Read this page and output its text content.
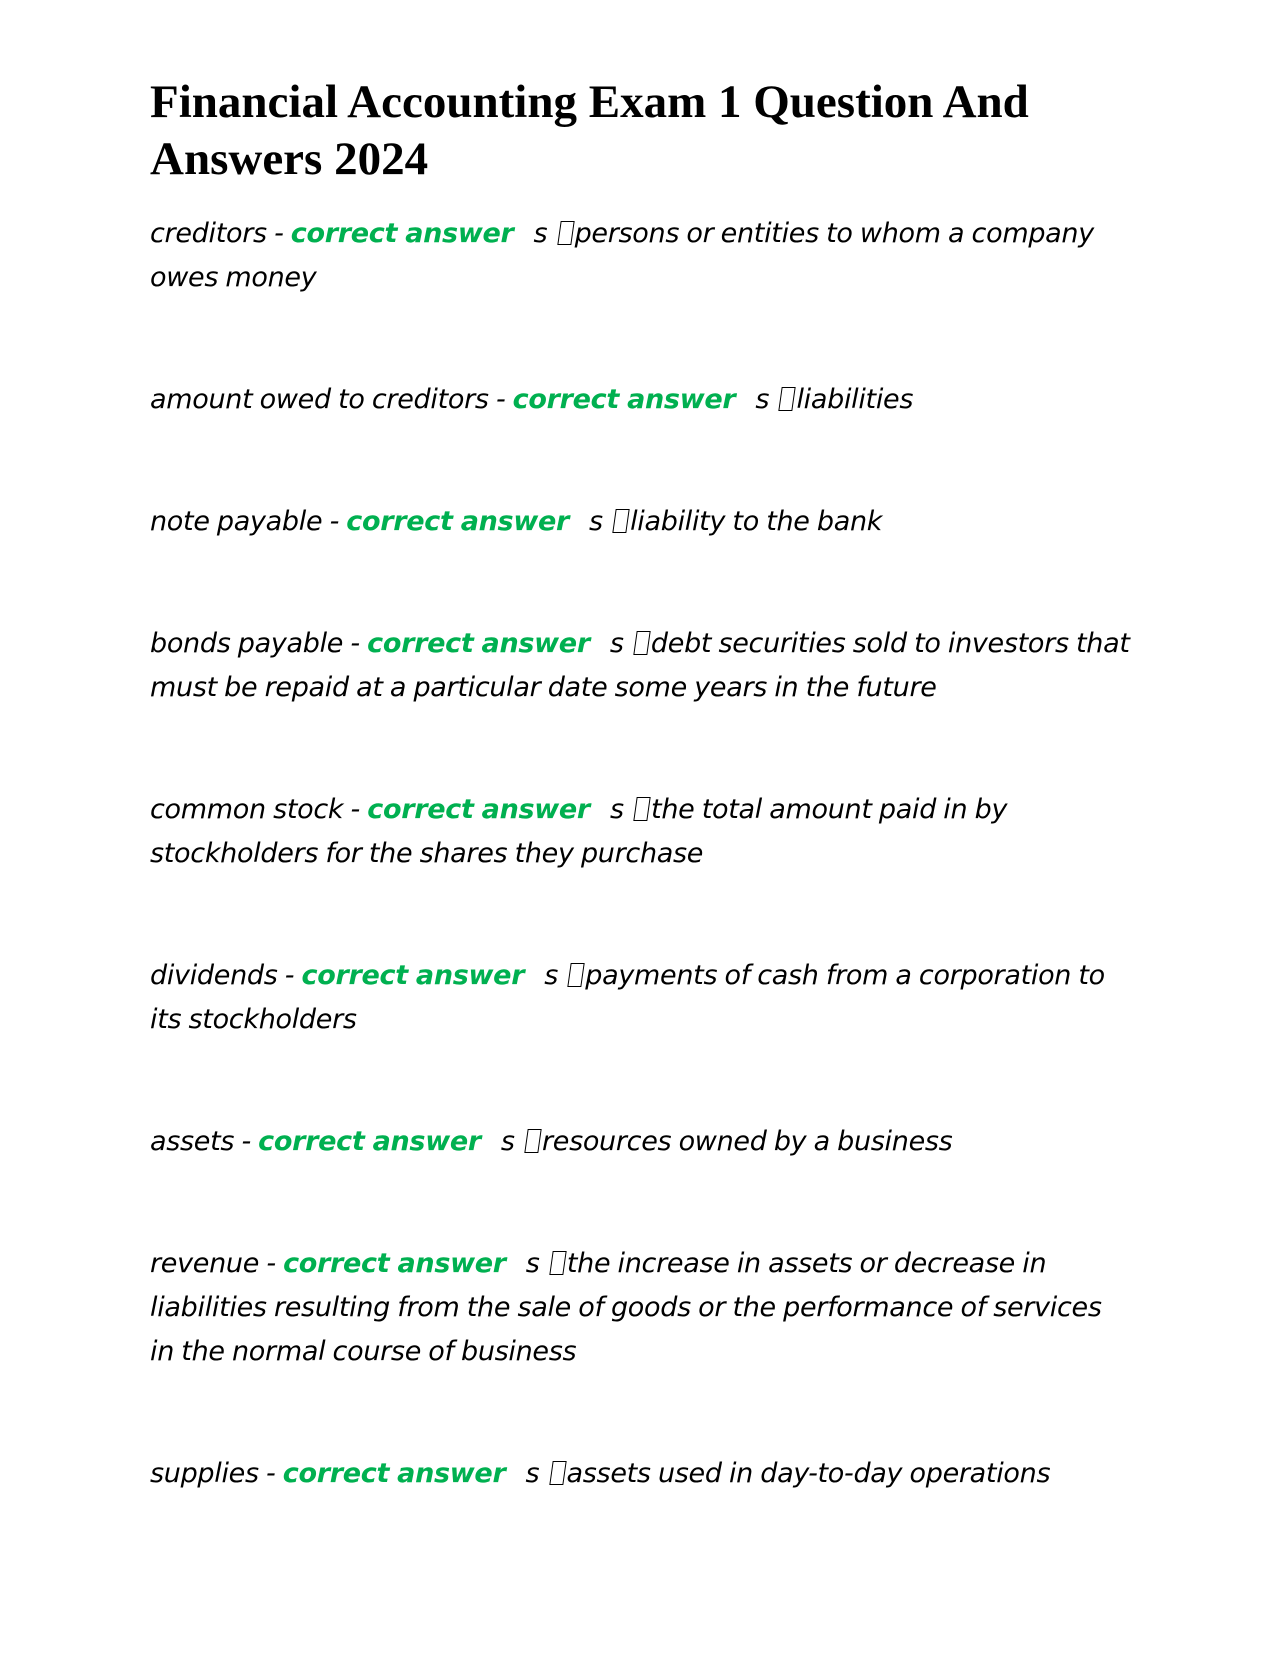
Financial Accounting Exam 1 Question And
Answers 2024

creditors - correct answer s persons or entities to whom a company owes money

amount owed to creditors - correct answer s liabilities

note payable - correct answer s liability to the bank

bonds payable - correct answer s debt securities sold to investors that must be repaid at a particular date some years in the future

common stock - correct answer s the total amount paid in by stockholders for the shares they purchase

dividends - correct answer s payments of cash from a corporation to its stockholders

assets - correct answer s resources owned by a business

revenue - correct answer s the increase in assets or decrease in liabilities resulting from the sale of goods or the performance of services in the normal course of business

supplies - correct answer s assets used in day-to-day operations
